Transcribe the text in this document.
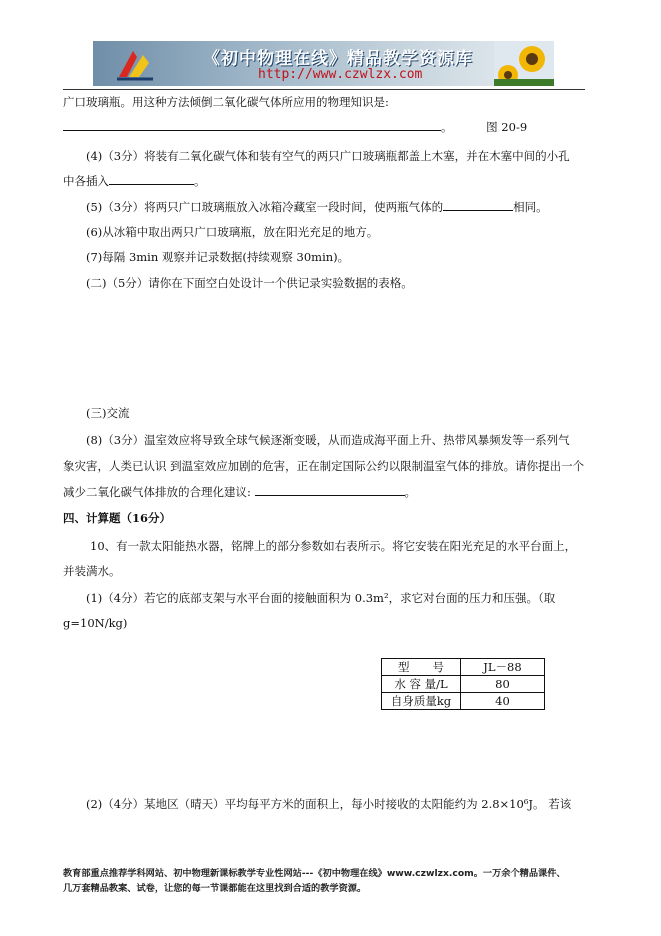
《初中物理在线》精品教学资源库
http://www.czwlzx.com
广口玻璃瓶。用这种方法倾倒二氧化碳气体所应用的物理知识是:
。	图 20-9
(4)（3分）将装有二氧化碳气体和装有空气的两只广口玻璃瓶都盖上木塞，并在木塞中间的小孔
中各插入	。
(5)（3分）将两只广口玻璃瓶放入冰箱冷藏室一段时间，使两瓶气体的	相同。
(6)从冰箱中取出两只广口玻璃瓶，放在阳光充足的地方。
(7)每隔 3min 观察并记录数据(持续观察 30min)。
(二)（5分）请你在下面空白处设计一个供记录实验数据的表格。
(三)交流
(8)（3分）温室效应将导致全球气候逐渐变暖，从而造成海平面上升、热带风暴频发等一系列气
象灾害，人类已认识 到温室效应加剧的危害，正在制定国际公约以限制温室气体的排放。请你提出一个
减少二氧化碳气体排放的合理化建议:	。
四、计算题（16分）
10、有一款太阳能热水器，铭牌上的部分参数如右表所示。将它安装在阳光充足的水平台面上，
并装满水。
(1)（4分）若它的底部支架与水平台面的接触面积为 0.3m²，求它对台面的压力和压强。（取
g=10N/kg)
型　　号	JL－88
水 容 量/L	80
自身质量kg	40
(2)（4分）某地区（晴天）平均每平方米的面积上，每小时接收的太阳能约为 2.8×10⁶J。 若该
教育部重点推荐学科网站、初中物理新课标教学专业性网站---《初中物理在线》www.czwlzx.com。一万余个精品课件、
几万套精品教案、试卷，让您的每一节课都能在这里找到合适的教学资源。
